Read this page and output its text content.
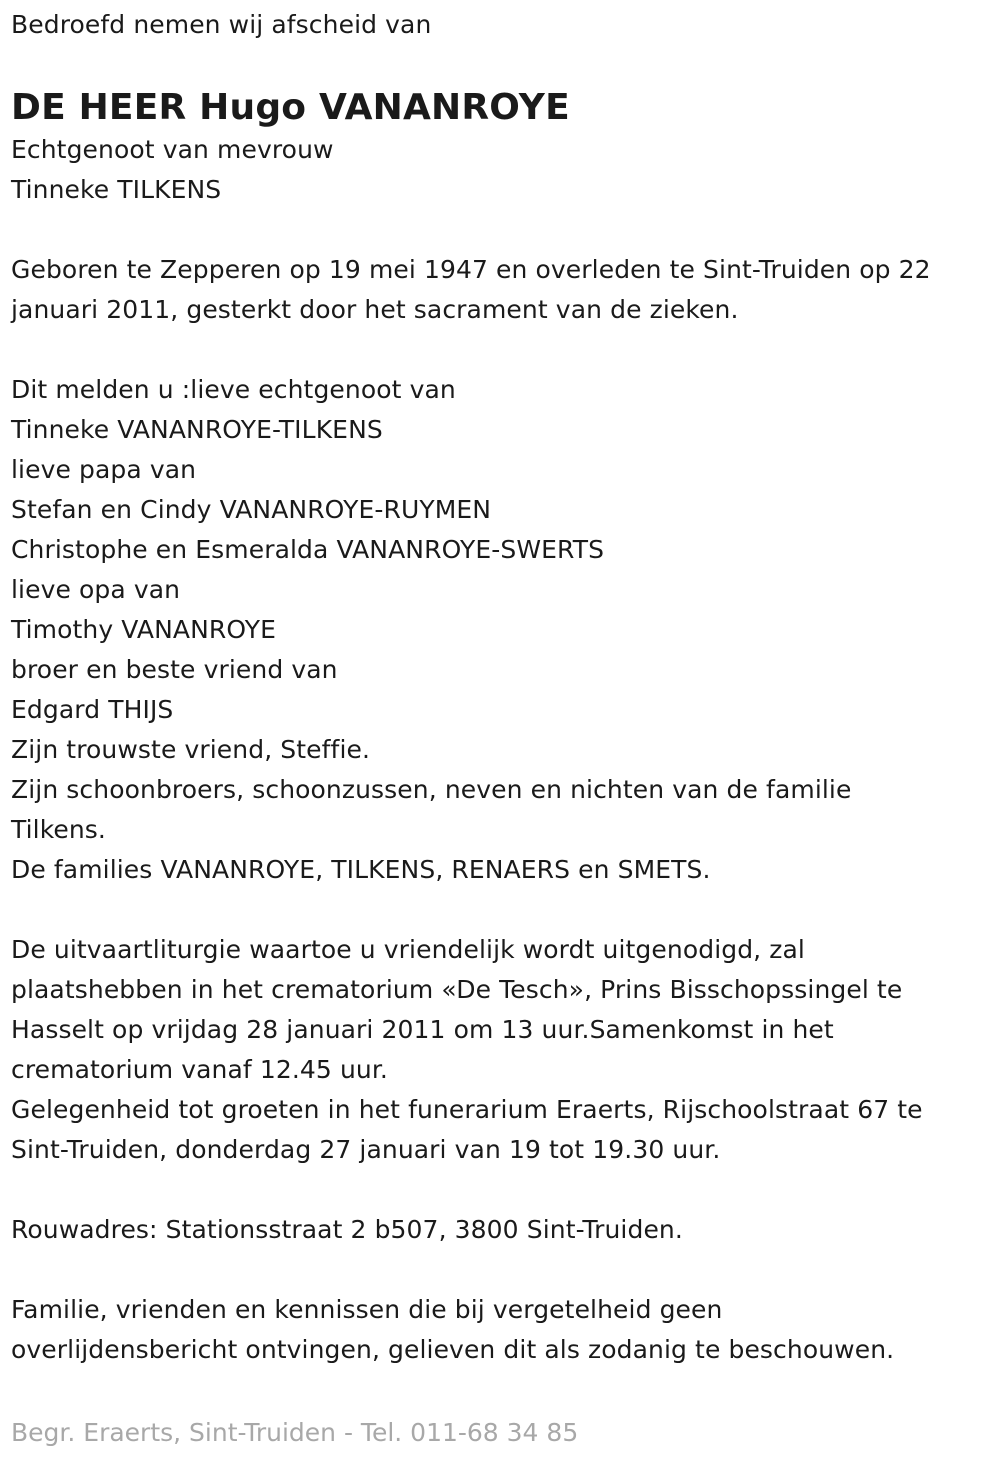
Bedroefd nemen wij afscheid van
DE HEER Hugo VANANROYE
Echtgenoot van mevrouw
Tinneke TILKENS
Geboren te Zepperen op 19 mei 1947 en overleden te Sint-Truiden op 22
januari 2011, gesterkt door het sacrament van de zieken.
Dit melden u :lieve echtgenoot van
Tinneke VANANROYE-TILKENS
lieve papa van
Stefan en Cindy VANANROYE-RUYMEN
Christophe en Esmeralda VANANROYE-SWERTS
lieve opa van
Timothy VANANROYE
broer en beste vriend van
Edgard THIJS
Zijn trouwste vriend, Steffie.
Zijn schoonbroers, schoonzussen, neven en nichten van de familie
Tilkens.
De families VANANROYE, TILKENS, RENAERS en SMETS.
De uitvaartliturgie waartoe u vriendelijk wordt uitgenodigd, zal
plaatshebben in het crematorium «De Tesch», Prins Bisschopssingel te
Hasselt op vrijdag 28 januari 2011 om 13 uur.Samenkomst in het
crematorium vanaf 12.45 uur.
Gelegenheid tot groeten in het funerarium Eraerts, Rijschoolstraat 67 te
Sint-Truiden, donderdag 27 januari van 19 tot 19.30 uur.
Rouwadres: Stationsstraat 2 b507, 3800 Sint-Truiden.
Familie, vrienden en kennissen die bij vergetelheid geen
overlijdensbericht ontvingen, gelieven dit als zodanig te beschouwen.
Begr. Eraerts, Sint-Truiden - Tel. 011-68 34 85
